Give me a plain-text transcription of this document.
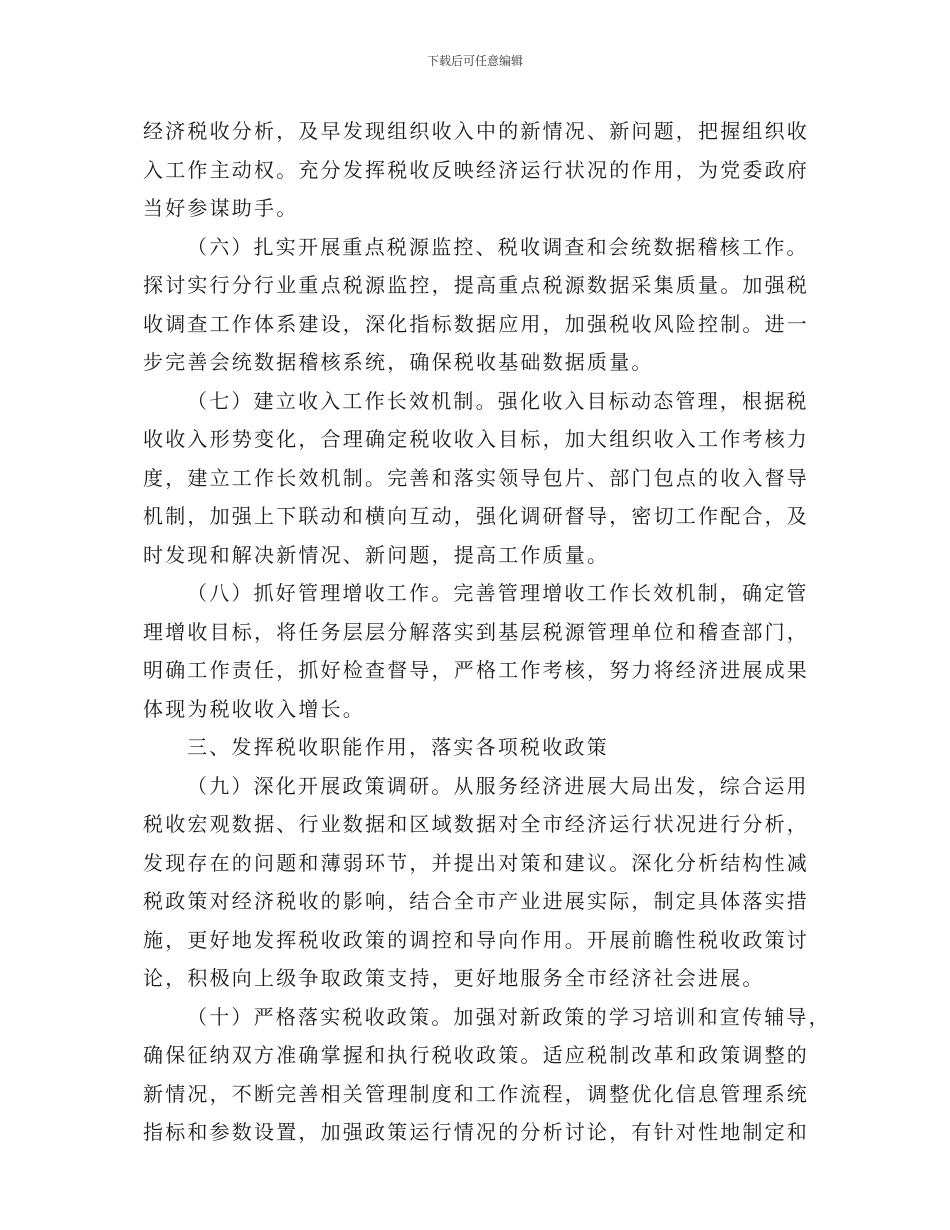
下载后可任意编辑
经济税收分析，及早发现组织收入中的新情况、新问题，把握组织收
入工作主动权。充分发挥税收反映经济运行状况的作用，为党委政府
当好参谋助手。
（六）扎实开展重点税源监控、税收调查和会统数据稽核工作。
探讨实行分行业重点税源监控，提高重点税源数据采集质量。加强税
收调查工作体系建设，深化指标数据应用，加强税收风险控制。进一
步完善会统数据稽核系统，确保税收基础数据质量。
（七）建立收入工作长效机制。强化收入目标动态管理，根据税
收收入形势变化，合理确定税收收入目标，加大组织收入工作考核力
度，建立工作长效机制。完善和落实领导包片、部门包点的收入督导
机制，加强上下联动和横向互动，强化调研督导，密切工作配合，及
时发现和解决新情况、新问题，提高工作质量。
（八）抓好管理增收工作。完善管理增收工作长效机制，确定管
理增收目标，将任务层层分解落实到基层税源管理单位和稽查部门，
明确工作责任，抓好检查督导，严格工作考核，努力将经济进展成果
体现为税收收入增长。
三、发挥税收职能作用，落实各项税收政策
（九）深化开展政策调研。从服务经济进展大局出发，综合运用
税收宏观数据、行业数据和区域数据对全市经济运行状况进行分析，
发现存在的问题和薄弱环节，并提出对策和建议。深化分析结构性减
税政策对经济税收的影响，结合全市产业进展实际，制定具体落实措
施，更好地发挥税收政策的调控和导向作用。开展前瞻性税收政策讨
论，积极向上级争取政策支持，更好地服务全市经济社会进展。
（十）严格落实税收政策。加强对新政策的学习培训和宣传辅导，
确保征纳双方准确掌握和执行税收政策。适应税制改革和政策调整的
新情况，不断完善相关管理制度和工作流程，调整优化信息管理系统
指标和参数设置，加强政策运行情况的分析讨论，有针对性地制定和
